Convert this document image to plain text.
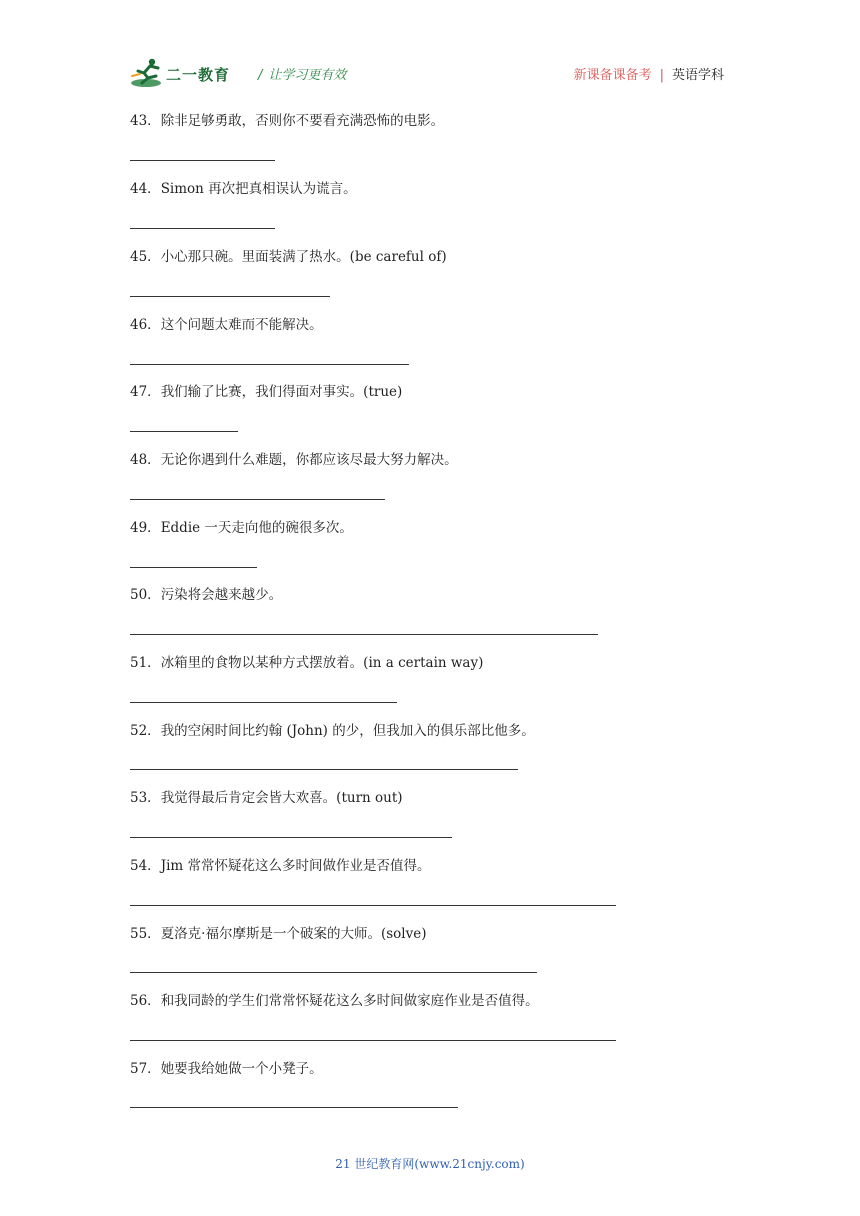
二一教育 / 让学习更有效	新课备课备考 | 英语学科
43．除非足够勇敢，否则你不要看充满恐怖的电影。
44．Simon 再次把真相误认为谎言。
45．小心那只碗。里面装满了热水。(be careful of)
46．这个问题太难而不能解决。
47．我们输了比赛，我们得面对事实。(true)
48．无论你遇到什么难题，你都应该尽最大努力解决。
49．Eddie 一天走向他的碗很多次。
50．污染将会越来越少。
51．冰箱里的食物以某种方式摆放着。(in a certain way)
52．我的空闲时间比约翰 (John) 的少，但我加入的俱乐部比他多。
53．我觉得最后肯定会皆大欢喜。(turn out)
54．Jim 常常怀疑花这么多时间做作业是否值得。
55．夏洛克·福尔摩斯是一个破案的大师。(solve)
56．和我同龄的学生们常常怀疑花这么多时间做家庭作业是否值得。
57．她要我给她做一个小凳子。
21 世纪教育网(www.21cnjy.com)
